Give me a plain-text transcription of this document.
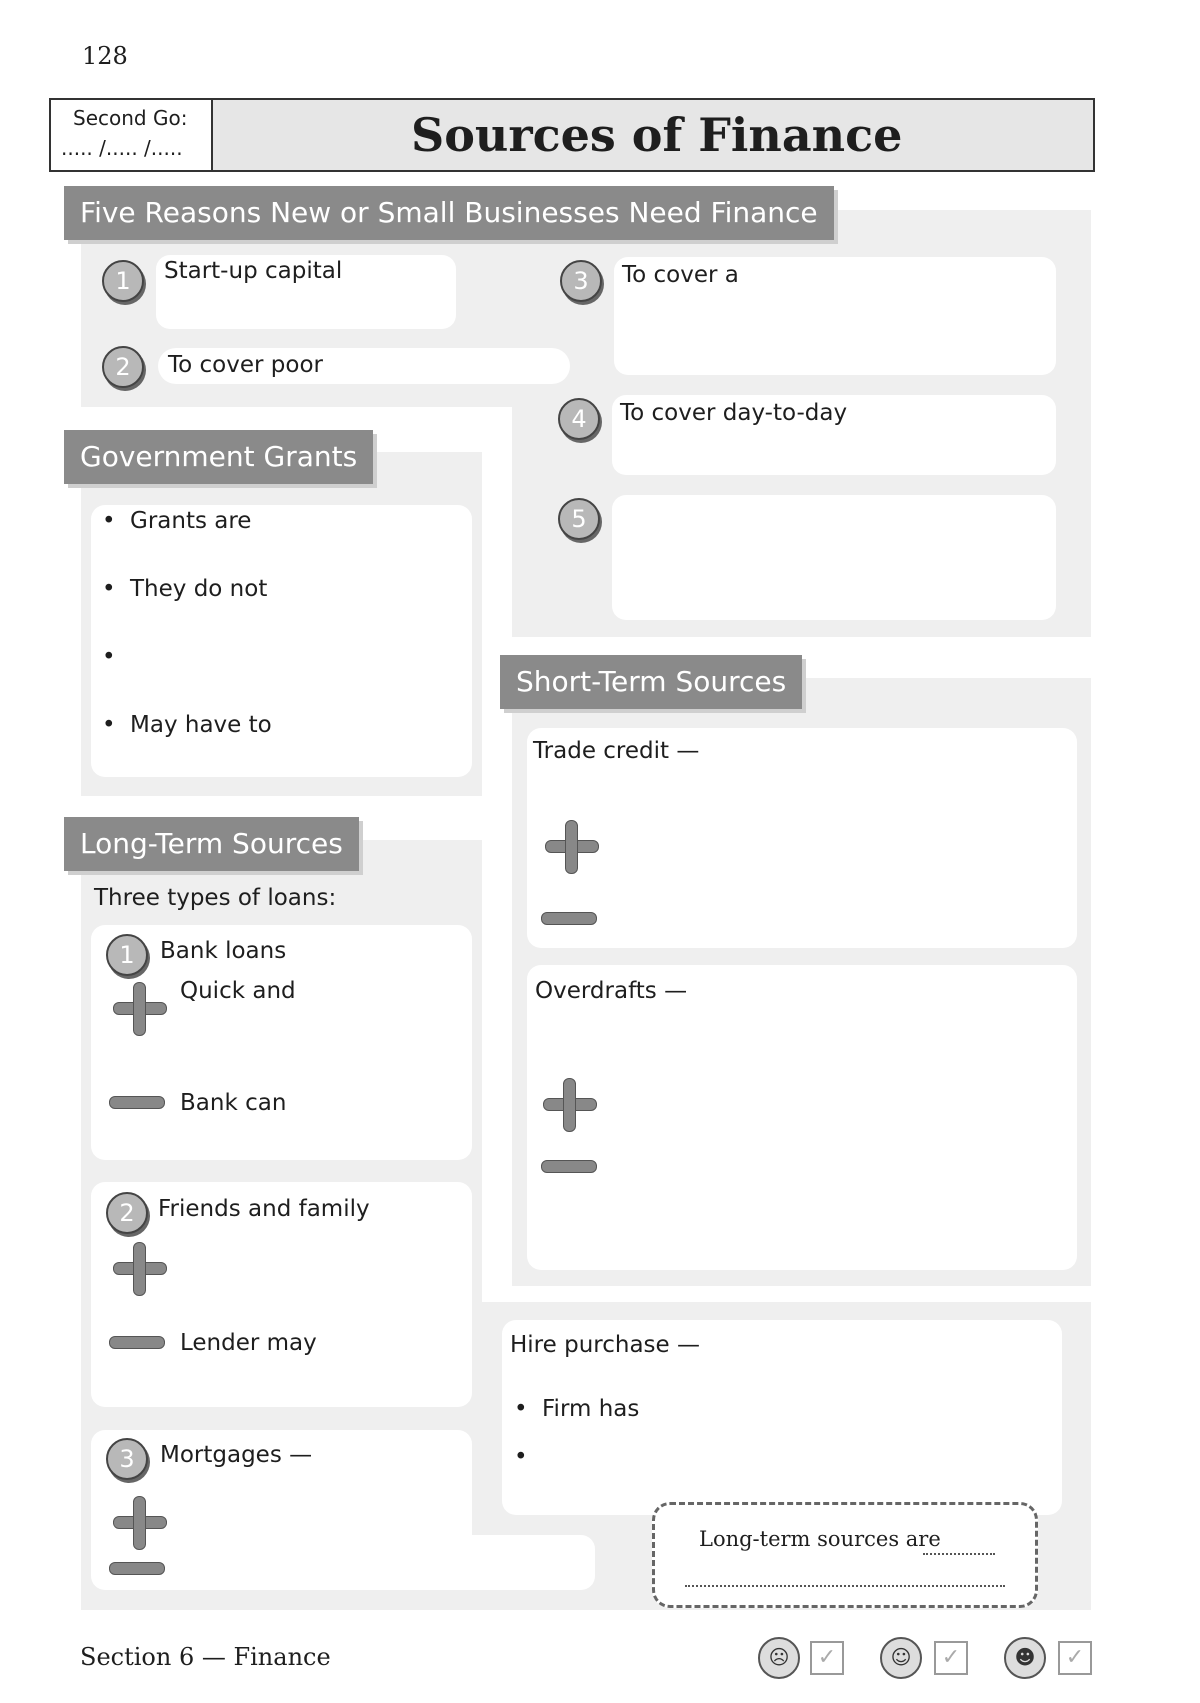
128
Second Go:
..... /..... /.....	Sources of Finance
Five Reasons New or Small Businesses Need Finance
Government Grants
Long-Term Sources
Short-Term Sources
1	Start-up capital
2	To cover poor
3	To cover a
4	To cover day-to-day
5
• Grants are
• They do not
• May have to
Three types of loans:
1	Bank loans
Quick and
Bank can
2	Friends and family
Lender may
3	Mortgages —
Trade credit —
Overdrafts —
Hire purchase —
• Firm has
Long-term sources are
Section 6 — Finance	☹	✓	☺	✓	☻	✓
